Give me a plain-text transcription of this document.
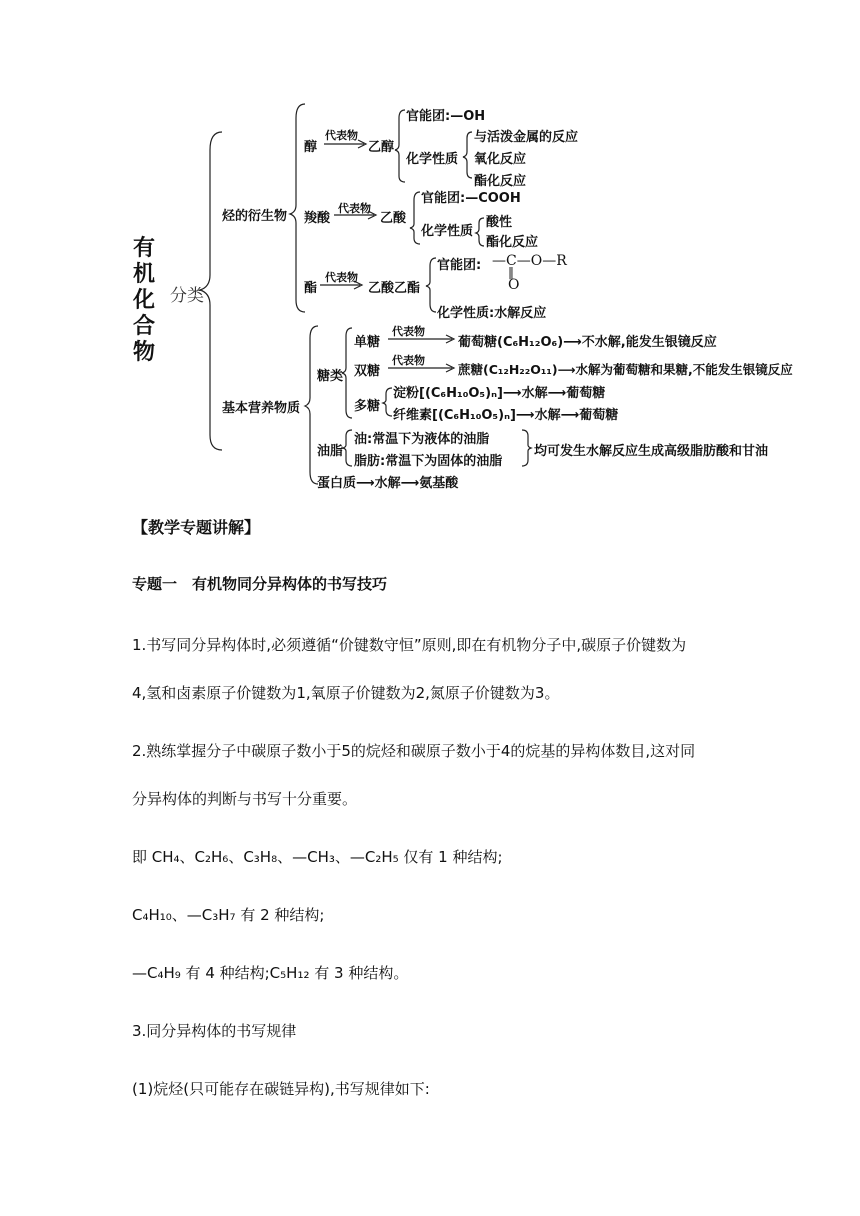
有机化合物
分类
烃的衍生物
基本营养物质
醇
代表物
乙醇
官能团:—OH
化学性质
与活泼金属的反应
氧化反应
酯化反应
羧酸
代表物
乙酸
官能团:—COOH
化学性质
酸性
酯化反应
酯
代表物
乙酸乙酯
官能团: —C—O—R
‖
O
化学性质:水解反应
糖类
单糖
代表物
葡萄糖(C₆H₁₂O₆)⟶不水解,能发生银镜反应
双糖
代表物
蔗糖(C₁₂H₂₂O₁₁)⟶水解为葡萄糖和果糖,不能发生银镜反应
多糖
淀粉[(C₆H₁₀O₅)ₙ]⟶水解⟶葡萄糖
纤维素[(C₆H₁₀O₅)ₙ]⟶水解⟶葡萄糖
油脂
油:常温下为液体的油脂
脂肪:常温下为固体的油脂
均可发生水解反应生成高级脂肪酸和甘油
蛋白质⟶水解⟶氨基酸
【教学专题讲解】
专题一　有机物同分异构体的书写技巧
1.书写同分异构体时,必须遵循“价键数守恒”原则,即在有机物分子中,碳原子价键数为
4,氢和卤素原子价键数为1,氧原子价键数为2,氮原子价键数为3。
2.熟练掌握分子中碳原子数小于5的烷烃和碳原子数小于4的烷基的异构体数目,这对同
分异构体的判断与书写十分重要。
即 CH₄、C₂H₆、C₃H₈、—CH₃、—C₂H₅ 仅有 1 种结构;
C₄H₁₀、—C₃H₇ 有 2 种结构;
—C₄H₉ 有 4 种结构;C₅H₁₂ 有 3 种结构。
3.同分异构体的书写规律
(1)烷烃(只可能存在碳链异构),书写规律如下:
